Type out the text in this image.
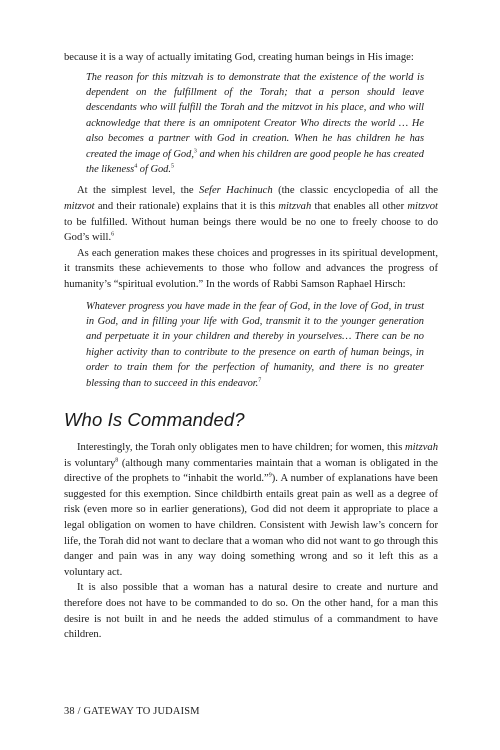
because it is a way of actually imitating God, creating human beings in His image:

The reason for this mitzvah is to demonstrate that the existence of the world is dependent on the fulfillment of the Torah; that a person should leave descendants who will fulfill the Torah and the mitzvot in his place, and who will acknowledge that there is an omnipotent Creator Who directs the world … He also becomes a partner with God in creation. When he has children he has created the image of God,$^3$ and when his children are good people he has created the likeness$^4$ of God.$^5$

At the simplest level, the Sefer Hachinuch (the classic encyclopedia of all the mitzvot and their rationale) explains that it is this mitzvah that enables all other mitzvot to be fulfilled. Without human beings there would be no one to freely choose to do God’s will.$^6$

As each generation makes these choices and progresses in its spiritual development, it transmits these achievements to those who follow and advances the progress of humanity’s “spiritual evolution.” In the words of Rabbi Samson Raphael Hirsch:

Whatever progress you have made in the fear of God, in the love of God, in trust in God, and in filling your life with God, transmit it to the younger generation and perpetuate it in your children and thereby in yourselves… There can be no higher activity than to contribute to the presence on earth of human beings, in order to train them for the perfection of humanity, and there is no greater blessing than to succeed in this endeavor.$^7$

Who Is Commanded?

Interestingly, the Torah only obligates men to have children; for women, this mitzvah is voluntary$^8$ (although many commentaries maintain that a woman is obligated in the directive of the prophets to “inhabit the world.”$^9$). A number of explanations have been suggested for this exemption. Since childbirth entails great pain as well as a degree of risk (even more so in earlier generations), God did not deem it appropriate to place a legal obligation on women to have children. Consistent with Jewish law’s concern for life, the Torah did not want to declare that a woman who did not want to go through this danger and pain was in any way doing something wrong and so it left this as a voluntary act.

It is also possible that a woman has a natural desire to create and nurture and therefore does not have to be commanded to do so. On the other hand, for a man this desire is not built in and he needs the added stimulus of a commandment to have children.

38 / GATEWAY TO JUDAISM
